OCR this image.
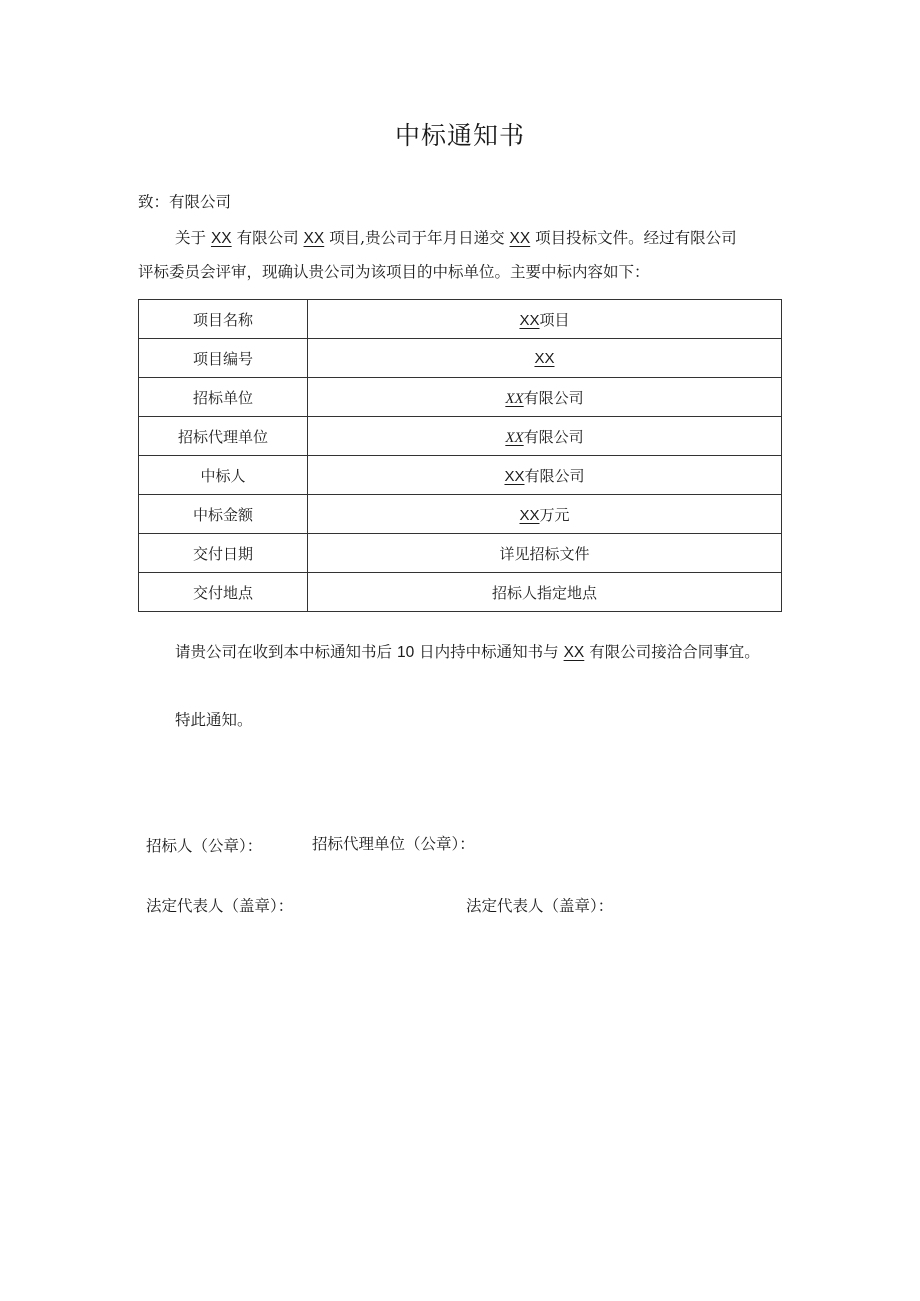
中标通知书
致：有限公司
关于 XX 有限公司 XX 项目,贵公司于年月日递交 XX 项目投标文件。经过有限公司
评标委员会评审，现确认贵公司为该项目的中标单位。主要中标内容如下：
项目名称	XX项目
项目编号	XX
招标单位	XX有限公司
招标代理单位	XX有限公司
中标人	XX有限公司
中标金额	XX万元
交付日期	详见招标文件
交付地点	招标人指定地点
请贵公司在收到本中标通知书后 10 日内持中标通知书与 XX 有限公司接洽合同事宜。
特此通知。
招标人（公章）：	招标代理单位（公章）：
法定代表人（盖章）：	法定代表人（盖章）：
